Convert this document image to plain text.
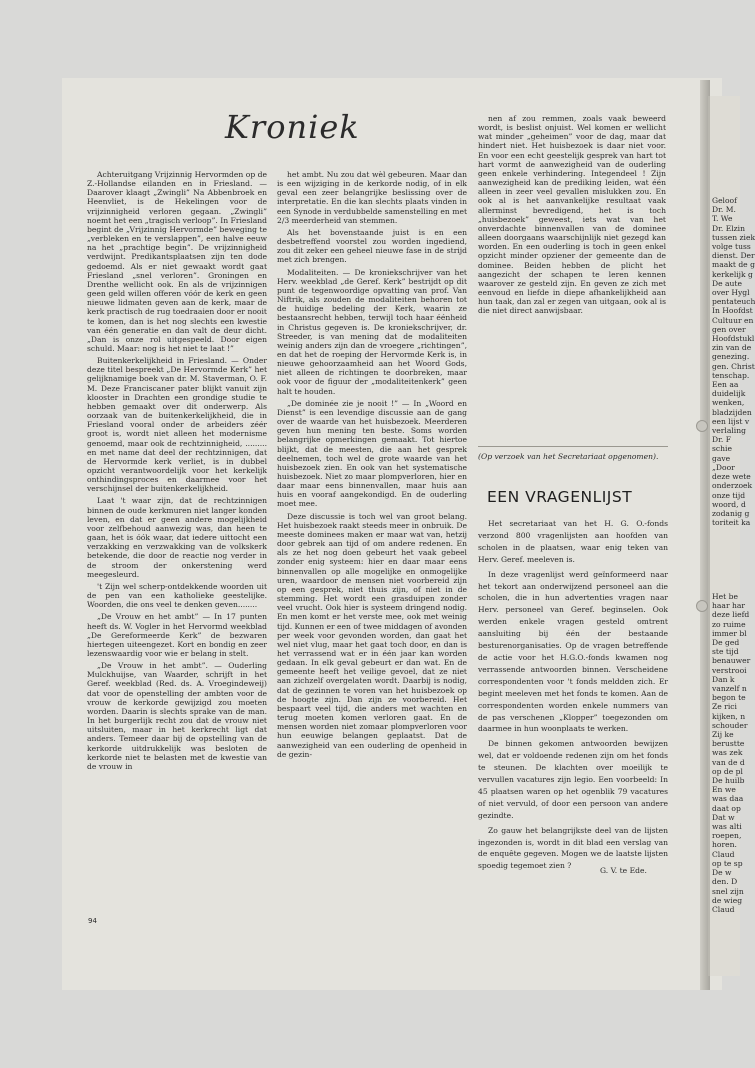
Kroniek

Achteruitgang Vrijzinnig Hervormden op de Z.-Hollandse eilanden en in Friesland. — Daarover klaagt „Zwingli” Na Abbenbroek en Heenvliet, is de Hekelingen voor de vrijzinnigheid verloren gegaan. „Zwingli” noemt het een „tragisch verloop”. In Friesland begint de „Vrijzinnig Hervormde” beweging te „verbleken en te verslappen”, een halve eeuw na het „prachtige begin”. De vrijzinnigheid verdwijnt. Predikantsplaatsen zijn ten dode gedoemd. Als er niet gewaakt wordt gaat Friesland „snel verloren”. Groningen en Drenthe wellicht ook. En als de vrijzinnigen geen geld willen offeren vóór de kerk en geen nieuwe lidmaten geven aan de kerk, maar de kerk practisch de rug toedraaien door er nooit te komen, dan is het nog slechts een kwestie van één generatie en dan valt de deur dicht. „Dan is onze rol uitgespeeld. Door eigen schuld. Maar: nog is het niet te laat !”

Buitenkerkelijkheid in Friesland. — Onder deze titel bespreekt „De Hervormde Kerk” het gelijknamige boek van dr. M. Staverman, O. F. M. Deze Franciscaner pater blijkt vanuit zijn klooster in Drachten een grondige studie te hebben gemaakt over dit onderwerp. Als oorzaak van de buitenkerkelijkheid, die in Friesland vooral onder de arbeiders zéér groot is, wordt niet alleen het modernisme genoemd, maar ook de rechtzinnigheid, ......... en met name dat deel der rechtzinnigen, dat de Hervormde kerk verliet, is in dubbel opzicht verantwoordelijk voor het kerkelijk onthindingsproces en daarmee voor het verschijnsel der buitenkerkelijkheid.

Laat 't waar zijn, dat de rechtzinnigen binnen de oude kerkmuren niet langer konden leven, en dat er geen andere mogelijkheid voor zelfbehoud aanwezig was, dan heen te gaan, het is óók waar, dat iedere uittocht een verzakking en verzwakking van de volkskerk betekende, die door de reactie nog verder in de stroom der onkerstening werd meegesleurd.

't Zijn wel scherp-ontdekkende woorden uit de pen van een katholieke geestelijke. Woorden, die ons veel te denken geven........

„De Vrouw en het ambt” — In 17 punten heeft ds. W. Vogler in het Hervormd weekblad „De Gereformeerde Kerk” de bezwaren hiertegen uiteengezet. Kort en bondig en zeer lezenswaardig voor wie er belang in stelt.

„De Vrouw in het ambt”. — Ouderling Mulckhuijse, van Waarder, schrijft in het Geref. weekblad (Red. ds. A. Vroegindeweij) dat voor de openstelling der ambten voor de vrouw de kerkorde gewijzigd zou moeten worden. Daarin is slechts sprake van de man. In het burgerlijk recht zou dat de vrouw niet uitsluiten, maar in het kerkrecht ligt dat anders. Temeer daar bij de opstelling van de kerkorde uitdrukkelijk was besloten de kerkorde niet te belasten met de kwestie van de vrouw in

het ambt. Nu zou dat wèl gebeuren. Maar dan is een wijziging in de kerkorde nodig, of in elk geval een zeer belangrijke beslissing over de interpretatie. En die kan slechts plaats vinden in een Synode in verdubbelde samenstelling en met 2/3 meerderheid van stemmen.

Als het bovenstaande juist is en een desbetreffend voorstel zou worden ingediend, zou dit zeker een geheel nieuwe fase in de strijd met zich brengen.

Modaliteiten. — De kroniekschrijver van het Herv. weekblad „de Geref. Kerk” bestrijdt op dit punt de tegenwoordige opvatting van prof. Van Niftrik, als zouden de modaliteiten behoren tot de huidige bedeling der Kerk, waarin ze bestaansrecht hebben, terwijl toch haar éénheid in Christus gegeven is. De kroniekschrijver, dr. Streeder, is van mening dat de modaliteiten weinig anders zijn dan de vroegere „richtingen”, en dat het de roeping der Hervormde Kerk is, in nieuwe gehoorzaamheid aan het Woord Gods, niet alleen de richtingen te doorbreken, maar ook voor de figuur der „modaliteitenkerk” geen halt te houden.

„De dominée zie je nooit !” — In „Woord en Dienst” is een levendige discussie aan de gang over de waarde van het huisbezoek. Meerderen geven hun mening ten beste. Soms worden belangrijke opmerkingen gemaakt. Tot hiertoe blijkt, dat de meesten, die aan het gesprek deelnemen, toch wel de grote waarde van het huisbezoek zien. En ook van het systematische huisbezoek. Niet zo maar plompverloren, hier en daar maar eens binnenvallen, maar huis aan huis en vooraf aangekondigd. En de ouderling moet mee.

Deze discussie is toch wel van groot belang. Het huisbezoek raakt steeds meer in onbruik. De meeste dominees maken er maar wat van, hetzij door gebrek aan tijd of om andere redenen. En als ze het nog doen gebeurt het vaak gebeel zonder enig systeem: hier en daar maar eens binnenvallen op alle mogelijke en onmogelijke uren, waardoor de mensen niet voorbereid zijn op een gesprek, niet thuis zijn, of niet in de stemming. Het wordt een grasduipen zonder veel vrucht. Ook hier is systeem dringend nodig. En men komt er het verste mee, ook met weinig tijd. Kunnen er een of twee middagen of avonden per week voor gevonden worden, dan gaat het wel niet vlug, maar het gaat toch door, en dan is het verrassend wat er in één jaar kan worden gedaan. In elk geval gebeurt er dan wat. En de gemeente heeft het veilige gevoel, dat ze niet aan zichzelf overgelaten wordt. Daarbij is nodig, dat de gezinnen te voren van het huisbezoek op de hoogte zijn. Dan zijn ze voorbereid. Het bespaart veel tijd, die anders met wachten en terug moeten komen verloren gaat. En de mensen worden niet zomaar plompverloren voor hun eeuwige belangen geplaatst. Dat de aanwezigheid van een ouderling de openheid in de gezin-

nen af zou remmen, zoals vaak beweerd wordt, is beslist onjuist. Wel komen er wellicht wat minder „geheimen” voor de dag, maar dat hindert niet. Het huisbezoek is daar niet voor. En voor een echt geestelijk gesprek van hart tot hart vormt de aanwezigheid van de ouderling geen enkele verhindering. Integendeel ! Zijn aanwezigheid kan de prediking leiden, wat één alleen in zeer veel gevallen mislukken zou. En ook al is het aanvankelijke resultaat vaak allerminst bevredigend, het is toch „huisbezoek” geweest, iets wat van het onverdachte binnenvallen van de dominee alleen doorgaans waarschijnlijk niet gezegd kan worden. En een ouderling is toch in geen enkel opzicht minder opziener der gemeente dan de dominee. Beiden hebben de plicht het aangezicht der schapen te leren kennen waarover ze gesteld zijn. En geven ze zich met eenvoud en liefde in diepe afhankelijkheid aan hun taak, dan zal er zegen van uitgaan, ook al is die niet direct aanwijsbaar.

(Op verzoek van het Secretariaat opgenomen).
EEN VRAGENLIJST

Het secretariaat van het H. G. O.-fonds verzond 800 vragenlijsten aan hoofden van scholen in de plaatsen, waar enig teken van Herv. Geref. meeleven is.

In deze vragenlijst werd geïnformeerd naar het tekort aan onderwijzend personeel aan die scholen, die in hun advertenties vragen naar Herv. personeel van Geref. beginselen. Ook werden enkele vragen gesteld omtrent aansluiting bij één der bestaande besturenorganisaties. Op de vragen betreffende de actie voor het H.G.O.-fonds kwamen nog verrassende antwoorden binnen. Verscheidene correspondenten voor 't fonds meldden zich. Er begint meeleven met het fonds te komen. Aan de correspondenten worden enkele nummers van de pas verschenen „Klopper” toegezonden om daarmee in hun woonplaats te werken.

De binnen gekomen antwoorden bewijzen wel, dat er voldoende redenen zijn om het fonds te steunen. De klachten over moeilijk te vervullen vacatures zijn legio. Een voorbeeld: In 45 plaatsen waren op het ogenblik 79 vacatures of niet vervuld, of door een persoon van andere gezindte.

Zo gauw het belangrijkste deel van de lijsten ingezonden is, wordt in dit blad een verslag van de enquête gegeven. Mogen we de laatste lijsten spoedig tegemoet zien ?

G. V. te Ede.
94
Geloof
Dr. M.
T. We
Dr. Elzin
tussen ziek
volge tuss
dienst. Der
maakt de g
kerkelijk g
De aute
over Hygl
pentateuch
In Hoofdst
Cultuur en
gen over
Hoofdstukl
zin van de
genezing.
gen. Christ
tenschap.
Een aa
duidelijk
wenken,
bladzijden
een lijst v
verlaling
Dr. F
schie
gave
„Door
deze wete
onderzoek
onze tijd
woord, d
zodanig g
toriteit ka
Het be
haar har
deze liefd
zo ruime
immer bl
De ged
ste tijd
benauwer
verstrooi
Dan k
vanzelf n
begon te
Ze rici
kijken, n
schouder
Zij ke
berustte
was zek
van de d
op de pl
De huilb
En we
was daa
daat op
Dat w
was alti
roepen,
horen.
Claud
op te sp
De w
den. D
snel zijn
de wieg
Claud
